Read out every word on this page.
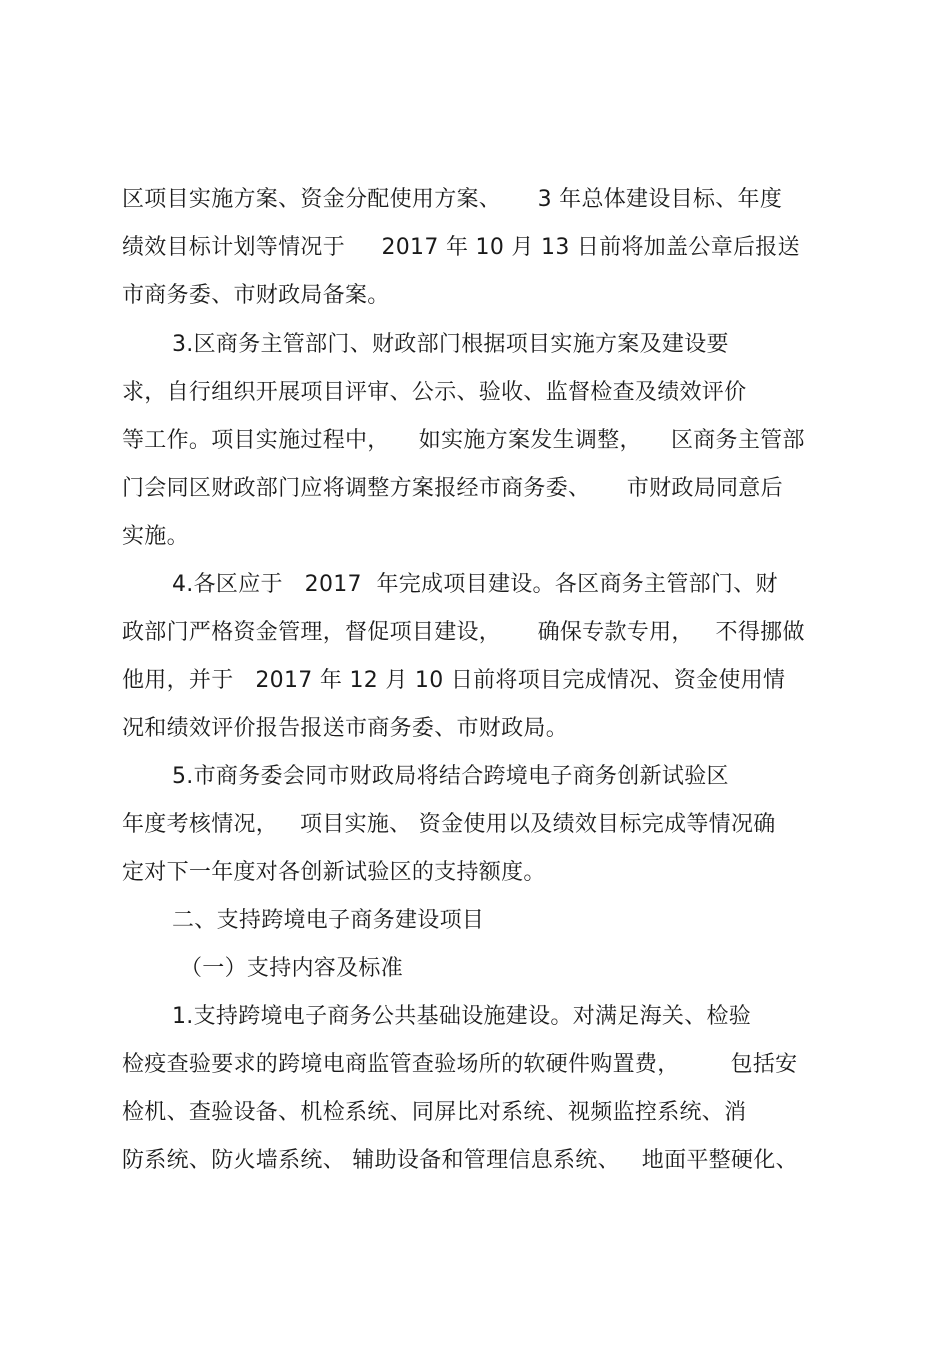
区项目实施方案、资金分配使用方案、     3 年总体建设目标、年度
绩效目标计划等情况于     2017 年 10 月 13 日前将加盖公章后报送
市商务委、市财政局备案。
3.区商务主管部门、财政部门根据项目实施方案及建设要
求，自行组织开展项目评审、公示、验收、监督检查及绩效评价
等工作。项目实施过程中，    如实施方案发生调整，    区商务主管部
门会同区财政部门应将调整方案报经市商务委、     市财政局同意后
实施。
4.各区应于   2017  年完成项目建设。各区商务主管部门、财
政部门严格资金管理，督促项目建设，     确保专款专用，   不得挪做
他用，并于   2017 年 12 月 10 日前将项目完成情况、资金使用情
况和绩效评价报告报送市商务委、市财政局。
5.市商务委会同市财政局将结合跨境电子商务创新试验区
年度考核情况，   项目实施、 资金使用以及绩效目标完成等情况确
定对下一年度对各创新试验区的支持额度。
二、支持跨境电子商务建设项目
（一）支持内容及标准
1.支持跨境电子商务公共基础设施建设。对满足海关、检验
检疫查验要求的跨境电商监管查验场所的软硬件购置费，       包括安
检机、查验设备、机检系统、同屏比对系统、视频监控系统、消
防系统、防火墙系统、 辅助设备和管理信息系统、   地面平整硬化、
